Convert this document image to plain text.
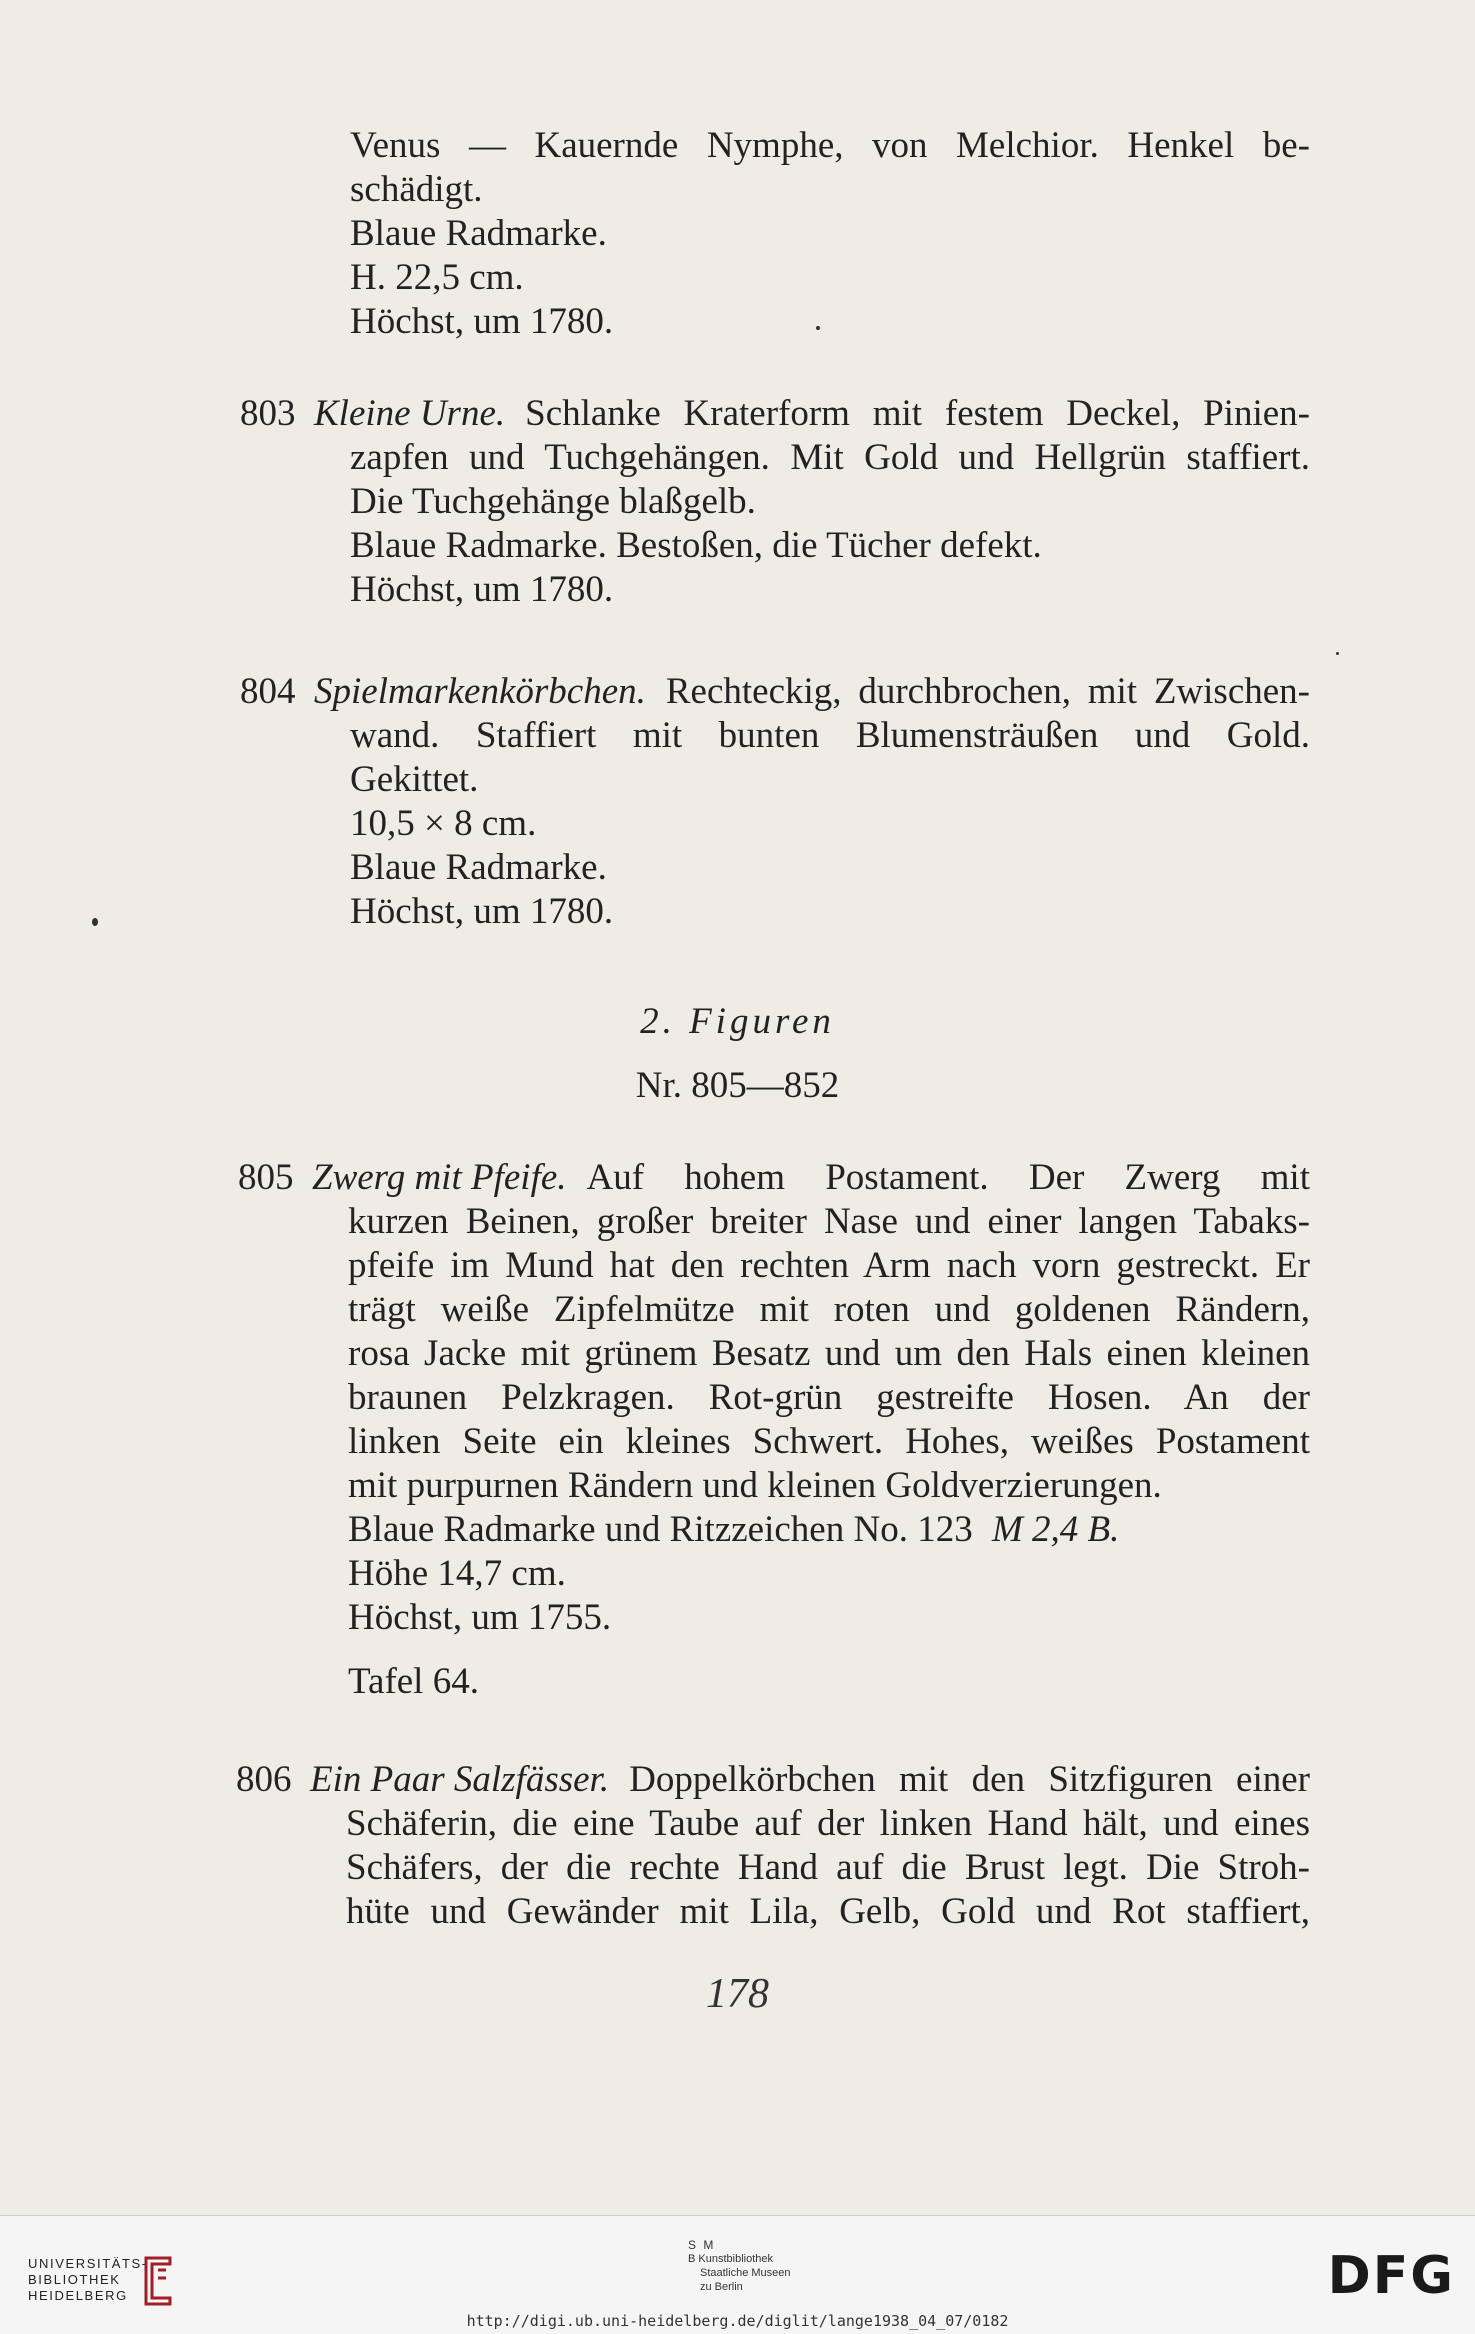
Venus — Kauernde Nymphe, von Melchior. Henkel be-
schädigt.
Blaue Radmarke.
H. 22,5 cm.
Höchst, um 1780.
803 Kleine Urne. Schlanke Kraterform mit festem Deckel, Pinien-
zapfen und Tuchgehängen. Mit Gold und Hellgrün staffiert.
Die Tuchgehänge blaßgelb.
Blaue Radmarke. Bestoßen, die Tücher defekt.
Höchst, um 1780.
804 Spielmarkenkörbchen. Rechteckig, durchbrochen, mit Zwischen-
wand. Staffiert mit bunten Blumensträußen und Gold.
Gekittet.
10,5 × 8 cm.
Blaue Radmarke.
Höchst, um 1780.
2. Figuren
Nr. 805—852
805 Zwerg mit Pfeife. Auf hohem Postament. Der Zwerg mit
kurzen Beinen, großer breiter Nase und einer langen Tabaks-
pfeife im Mund hat den rechten Arm nach vorn gestreckt. Er
trägt weiße Zipfelmütze mit roten und goldenen Rändern,
rosa Jacke mit grünem Besatz und um den Hals einen kleinen
braunen Pelzkragen. Rot-grün gestreifte Hosen. An der
linken Seite ein kleines Schwert. Hohes, weißes Postament
mit purpurnen Rändern und kleinen Goldverzierungen.
Blaue Radmarke und Ritzzeichen No. 123 M 2,4 B.
Höhe 14,7 cm.
Höchst, um 1755.
Tafel 64.
806 Ein Paar Salzfässer. Doppelkörbchen mit den Sitzfiguren einer
Schäferin, die eine Taube auf der linken Hand hält, und eines
Schäfers, der die rechte Hand auf die Brust legt. Die Stroh-
hüte und Gewänder mit Lila, Gelb, Gold und Rot staffiert,
178
UNIVERSITÄTS-
BIBLIOTHEK
HEIDELBERG
S M
B Kunstbibliothek
Staatliche Museen
zu Berlin	DFG
http://digi.ub.uni-heidelberg.de/diglit/lange1938_04_07/0182
